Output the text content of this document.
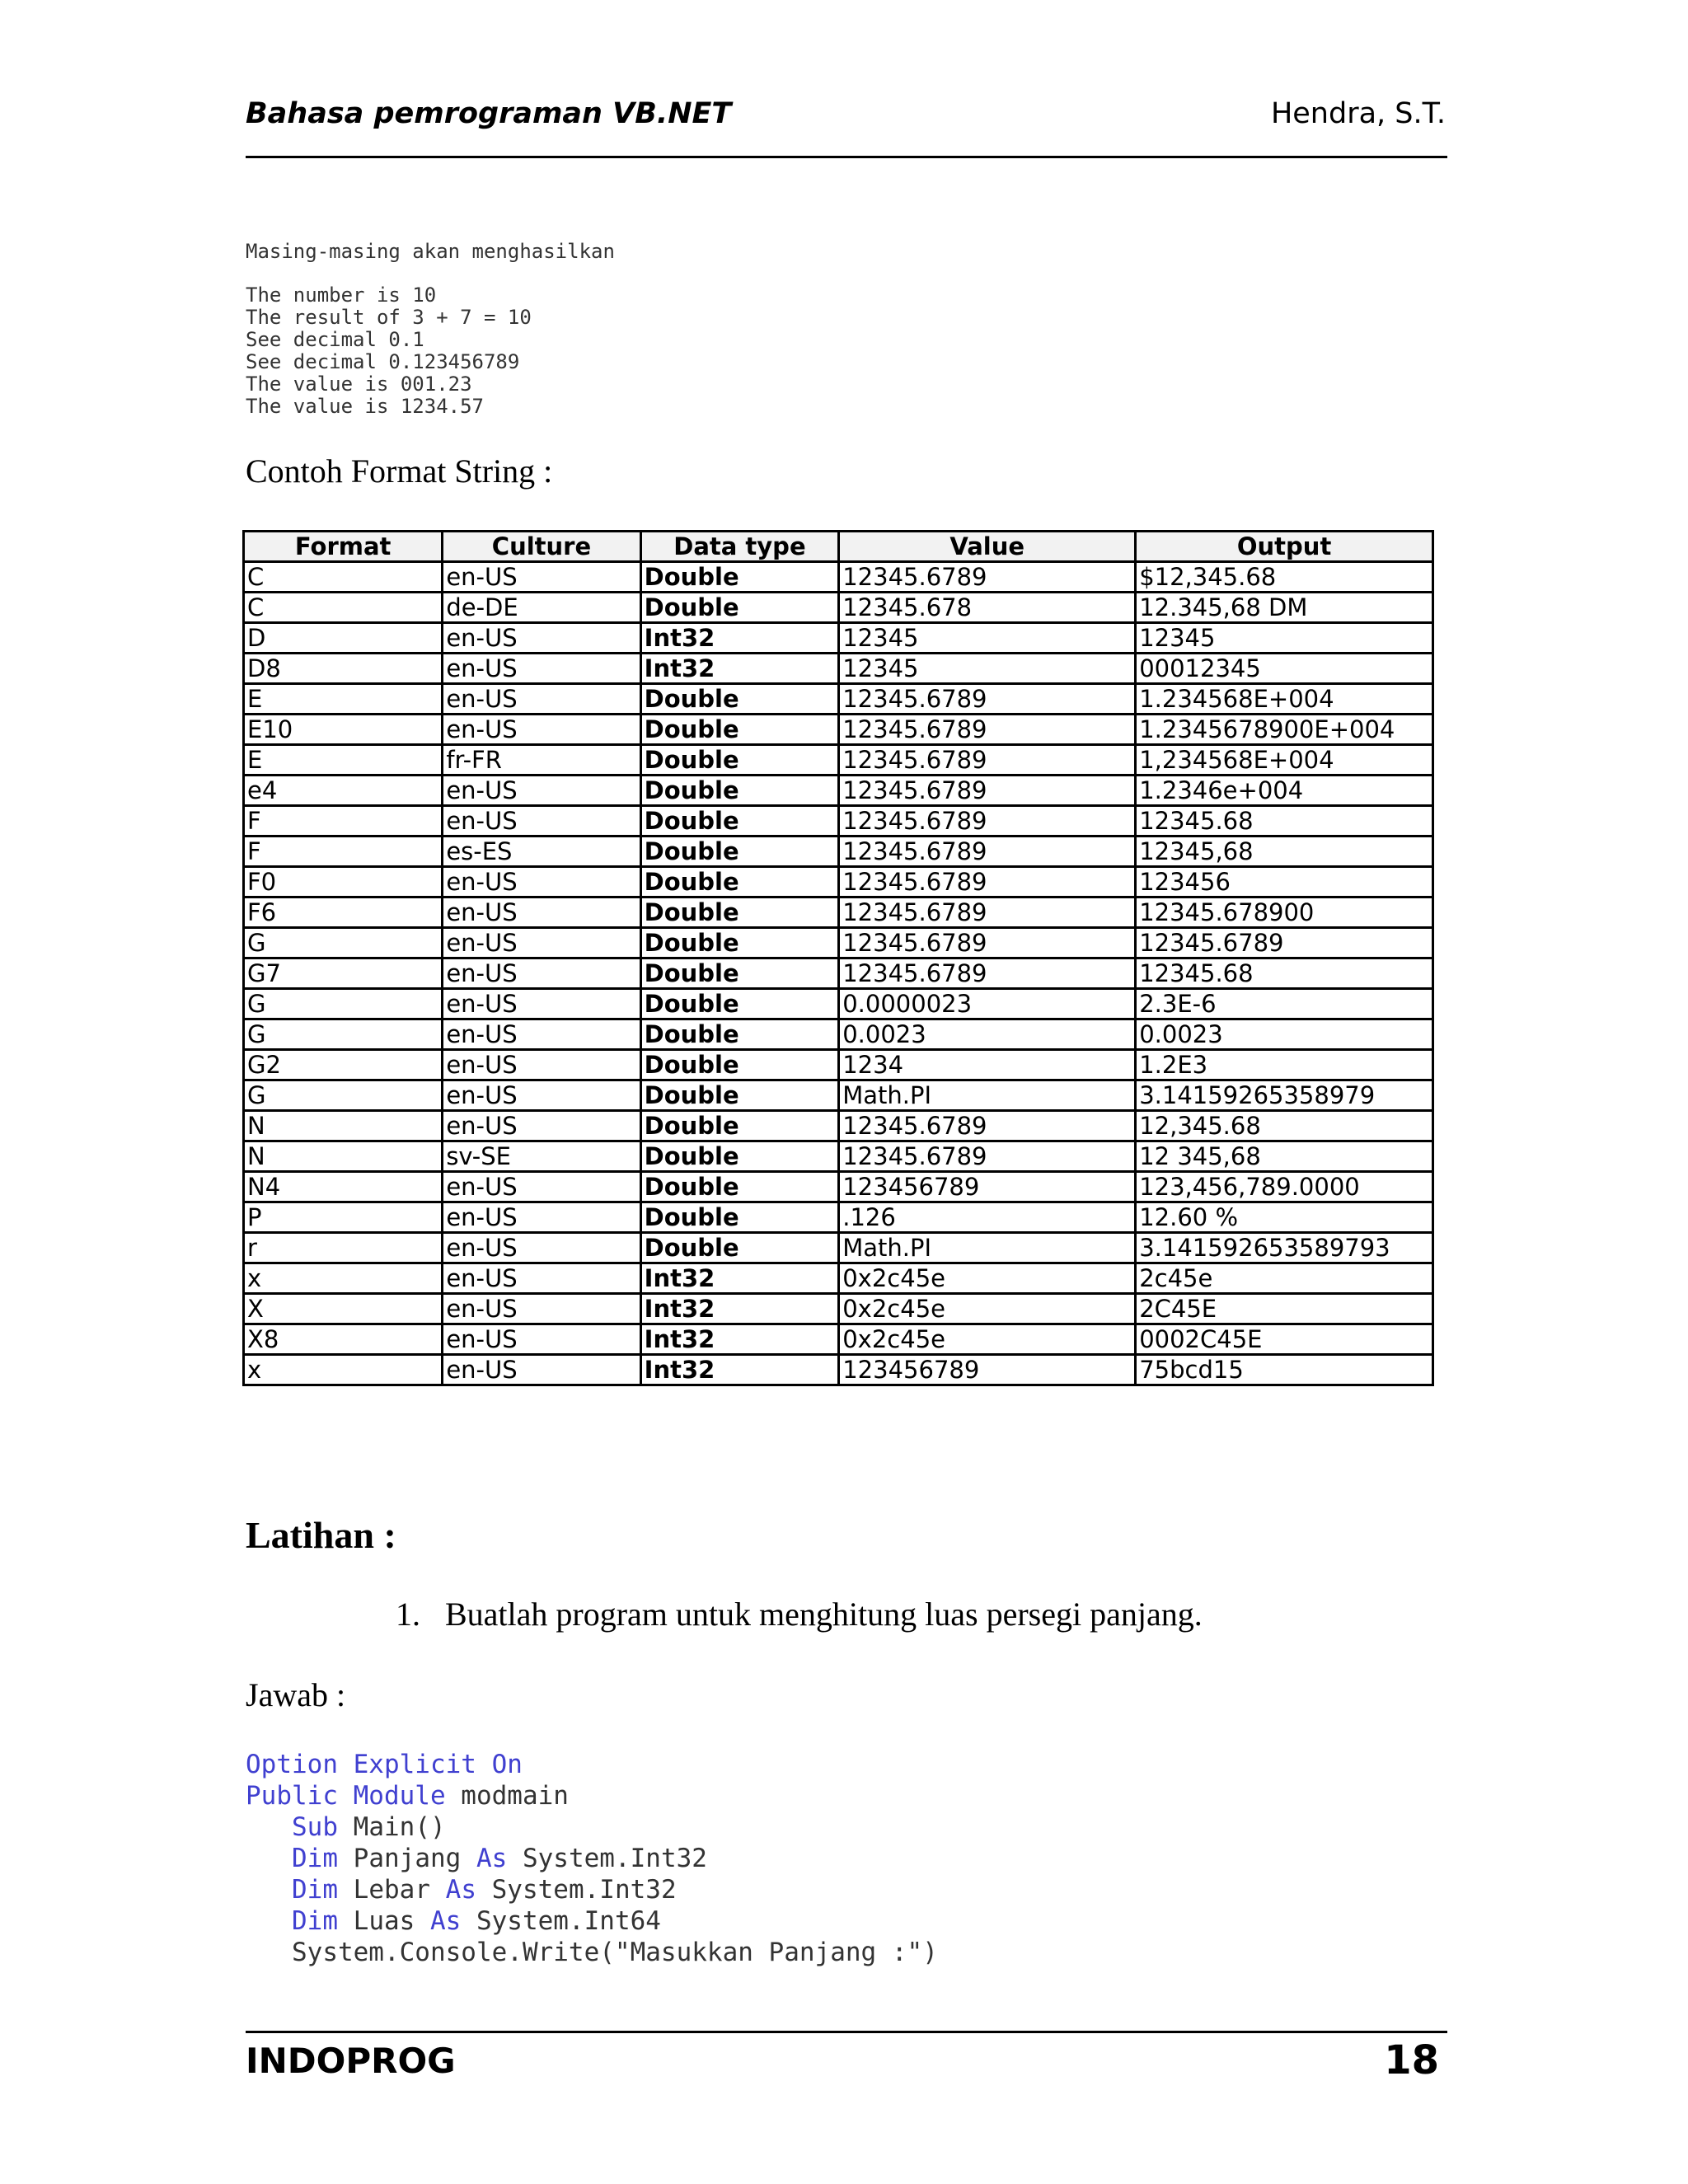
Bahasa pemrograman VB.NET	Hendra, S.T.
Masing-masing akan menghasilkan
The number is 10
The result of 3 + 7 = 10
See decimal 0.1
See decimal 0.123456789
The value is 001.23
The value is 1234.57
Contoh Format String :
Format	Culture	Data type	Value	Output
C	en-US	Double	12345.6789	$12,345.68
C	de-DE	Double	12345.678	12.345,68 DM
D	en-US	Int32	12345	12345
D8	en-US	Int32	12345	00012345
E	en-US	Double	12345.6789	1.234568E+004
E10	en-US	Double	12345.6789	1.2345678900E+004
E	fr-FR	Double	12345.6789	1,234568E+004
e4	en-US	Double	12345.6789	1.2346e+004
F	en-US	Double	12345.6789	12345.68
F	es-ES	Double	12345.6789	12345,68
F0	en-US	Double	12345.6789	123456
F6	en-US	Double	12345.6789	12345.678900
G	en-US	Double	12345.6789	12345.6789
G7	en-US	Double	12345.6789	12345.68
G	en-US	Double	0.0000023	2.3E-6
G	en-US	Double	0.0023	0.0023
G2	en-US	Double	1234	1.2E3
G	en-US	Double	Math.PI	3.14159265358979
N	en-US	Double	12345.6789	12,345.68
N	sv-SE	Double	12345.6789	12 345,68
N4	en-US	Double	123456789	123,456,789.0000
P	en-US	Double	.126	12.60 %
r	en-US	Double	Math.PI	3.141592653589793
x	en-US	Int32	0x2c45e	2c45e
X	en-US	Int32	0x2c45e	2C45E
X8	en-US	Int32	0x2c45e	0002C45E
x	en-US	Int32	123456789	75bcd15
Latihan :
1. Buatlah program untuk menghitung luas persegi panjang.
Jawab :
Option Explicit On
Public Module modmain
Sub Main()
Dim Panjang As System.Int32
Dim Lebar As System.Int32
Dim Luas As System.Int64
System.Console.Write("Masukkan Panjang :")
INDOPROG	18
